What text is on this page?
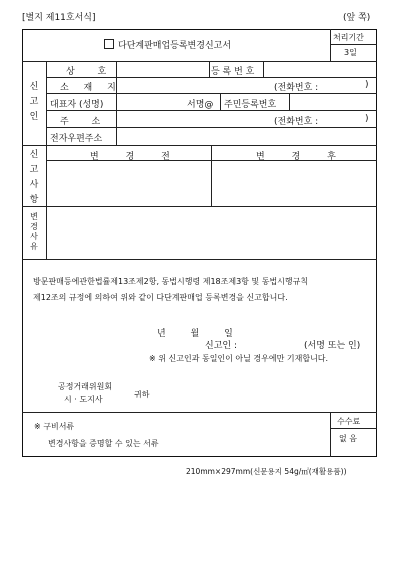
[별지 제11호서식]	(앞 쪽)
다단계판매업등록변경신고서
처리기간
3일
신
고
인
상 호	등 록 번 호
소 재 지	(전화번호 :	)
대표자 (성명)	서명@ 주민등록번호
주 소	(전화번호 :	)
전자우편주소
신
고
사
항
변 경 전	변 경 후
변
경
사
유
방문판매등에관한법률제13조제2항, 동법시행령 제18조제3항 및 동법시행규칙
제12조의 규정에 의하여 위와 같이 다단계판매업 등록변경을 신고합니다.
년 월 일
신고인 :	(서명 또는 인)
※ 위 신고인과 동일인이 아닐 경우에만 기재합니다.
공정거래위원회
시 · 도지사
귀하
※ 구비서류
변경사항을 증명할 수 있는 서류
수수료
없 음
210mm×297mm(신문용지 54g/㎡(재활용품))
